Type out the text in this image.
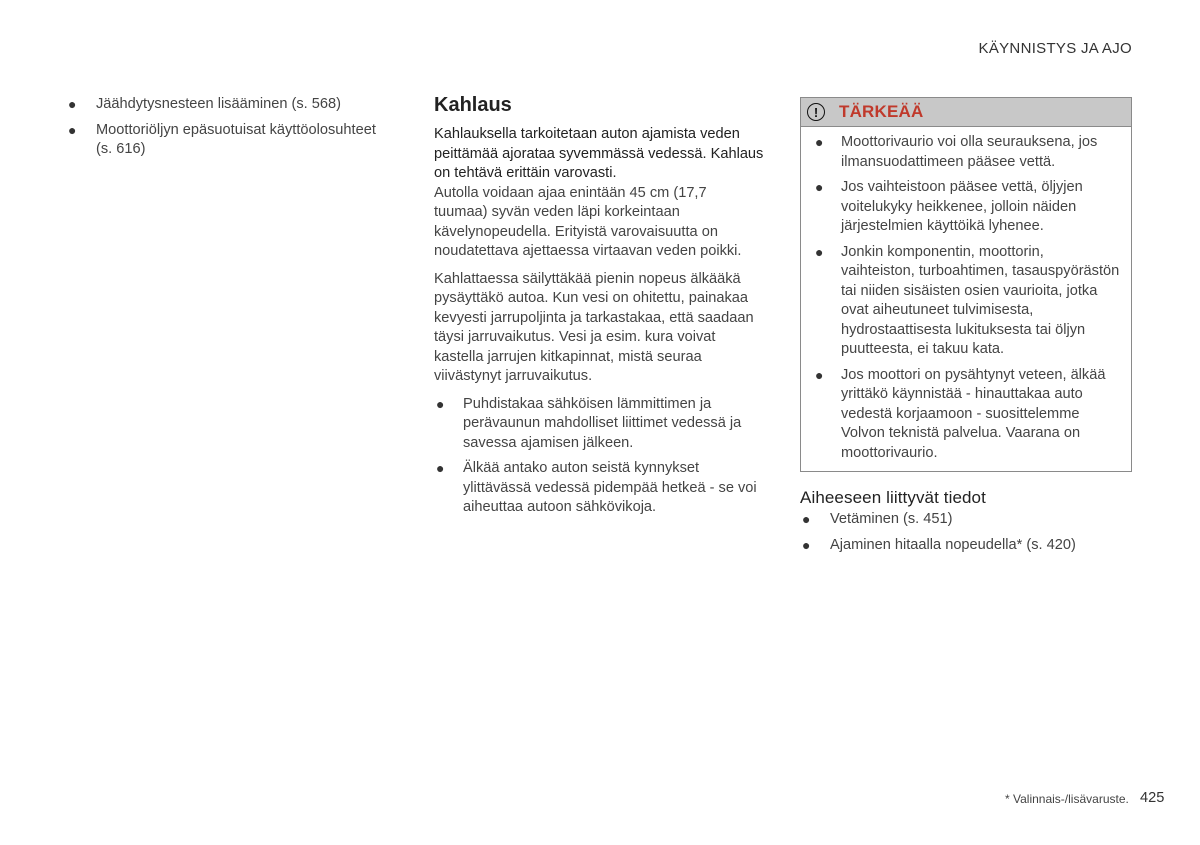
KÄYNNISTYS JA AJO
● Jäähdytysnesteen lisääminen (s. 568)
● Moottoriöljyn epäsuotuisat käyttöolosuhteet (s. 616)
Kahlaus

Kahlauksella tarkoitetaan auton ajamista veden peittämää ajorataa syvemmässä vedessä. Kahlaus on tehtävä erittäin varovasti.

Autolla voidaan ajaa enintään 45 cm (17,7 tuumaa) syvän veden läpi korkeintaan kävelynopeudella. Erityistä varovaisuutta on noudatettava ajettaessa virtaavan veden poikki.

Kahlattaessa säilyttäkää pienin nopeus älkääkä pysäyttäkö autoa. Kun vesi on ohitettu, painakaa kevyesti jarrupoljinta ja tarkastakaa, että saadaan täysi jarruvaikutus. Vesi ja esim. kura voivat kastella jarrujen kitkapinnat, mistä seuraa viivästynyt jarruvaikutus.

● Puhdistakaa sähköisen lämmittimen ja perävaunun mahdolliset liittimet vedessä ja savessa ajamisen jälkeen.
● Älkää antako auton seistä kynnykset ylittävässä vedessä pidempää hetkeä - se voi aiheuttaa autoon sähkövikoja.
!	TÄRKEÄÄ
● Moottorivaurio voi olla seurauksena, jos ilmansuodattimeen pääsee vettä.
● Jos vaihteistoon pääsee vettä, öljyjen voitelukyky heikkenee, jolloin näiden järjestelmien käyttöikä lyhenee.
● Jonkin komponentin, moottorin, vaihteiston, turboahtimen, tasauspyörästön tai niiden sisäisten osien vaurioita, jotka ovat aiheutuneet tulvimisesta, hydrostaattisesta lukituksesta tai öljyn puutteesta, ei takuu kata.
● Jos moottori on pysähtynyt veteen, älkää yrittäkö käynnistää - hinauttakaa auto vedestä korjaamoon - suosittelemme Volvon teknistä palvelua. Vaarana on moottorivaurio.
Aiheeseen liittyvät tiedot
● Vetäminen (s. 451)
● Ajaminen hitaalla nopeudella* (s. 420)
* Valinnais-/lisävaruste. 425
